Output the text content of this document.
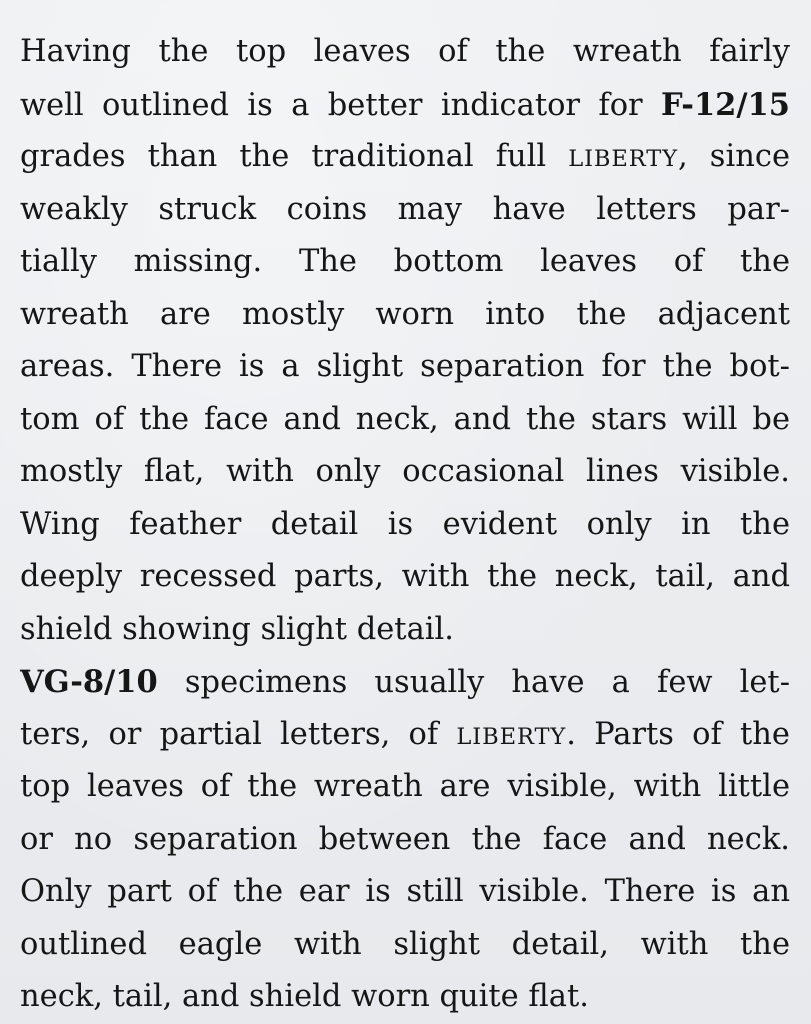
Having the top leaves of the wreath fairly
well outlined is a better indicator for F-12/15
grades than the traditional full LIBERTY, since
weakly struck coins may have letters par-
tially missing. The bottom leaves of the
wreath are mostly worn into the adjacent
areas. There is a slight separation for the bot-
tom of the face and neck, and the stars will be
mostly flat, with only occasional lines visible.
Wing feather detail is evident only in the
deeply recessed parts, with the neck, tail, and
shield showing slight detail.
VG-8/10 specimens usually have a few let-
ters, or partial letters, of LIBERTY. Parts of the
top leaves of the wreath are visible, with little
or no separation between the face and neck.
Only part of the ear is still visible. There is an
outlined eagle with slight detail, with the
neck, tail, and shield worn quite flat.
